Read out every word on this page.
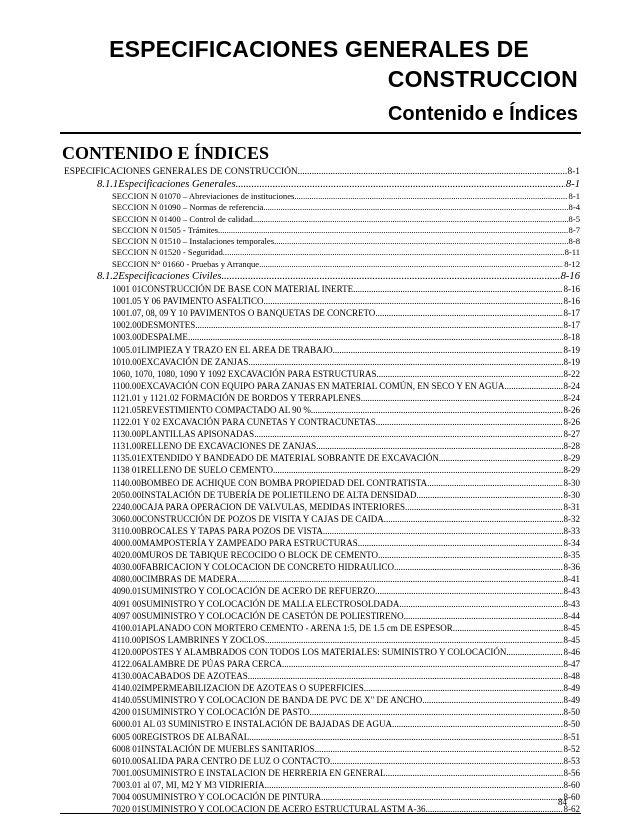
ESPECIFICACIONES GENERALES DE
CONSTRUCCION
Contenido e Índices
CONTENIDO E ÍNDICES
ESPECIFICACIONES GENERALES DE CONSTRUCCIÓN .....	8-1
8.1.1 Especificaciones Generales .....	8-1
SECCION N 01070 – Abreviaciones de instituciones .....	8-1
SECCION N 01090 – Normas de referencia .....	8-4
SECCION N 01400 – Control de calidad .....	8-5
SECCION N 01505 - Trámites .....	8-7
SECCION N 01510 – Instalaciones temporales .....	8-8
SECCION N 01520 - Seguridad .....	8-11
SECCION N° 01660 - Pruebas y Arranque .....	8-12
8.1.2 Especificaciones Civiles .....	8-16
1001 01 CONSTRUCCIÓN DE BASE CON MATERIAL INERTE .....	8-16
1001.05 Y 06 PAVIMENTO ASFALTICO .....	8-16
1001.07, 08, 09 Y 10 PAVIMENTOS O BANQUETAS DE CONCRETO .....	8-17
1002.00 DESMONTES .....	8-17
1003.00 DESPALME .....	8-18
1005.01 LIMPIEZA Y TRAZO EN EL AREA DE TRABAJO .....	8-19
1010.00 EXCAVACIÓN DE ZANJAS .....	8-19
1060, 1070, 1080, 1090 Y 1092 EXCAVACIÓN PARA ESTRUCTURAS .....	8-22
1100.00 EXCAVACIÓN CON EQUIPO PARA ZANJAS EN MATERIAL COMÚN, EN SECO Y EN AGUA. .....	8-24
1121.01 y 1121.02 FORMACIÓN DE BORDOS Y TERRAPLENES .....	8-24
1121.05 REVESTIMIENTO COMPACTADO AL 90 % .....	8-26
1122.01 Y 02 EXCAVACIÓN PARA CUNETAS Y CONTRACUNETAS .....	8-26
1130.00 PLANTILLAS APISONADAS .....	8-27
1131.00 RELLENO DE EXCAVACIONES DE ZANJAS .....	8-28
1135.01 EXTENDIDO Y BANDEADO DE MATERIAL SOBRANTE DE EXCAVACIÓN. .....	8-29
1138 01 RELLENO DE SUELO CEMENTO .....	8-29
1140.00 BOMBEO DE ACHIQUE CON BOMBA PROPIEDAD DEL CONTRATISTA .....	8-30
2050.00 INSTALACIÓN DE TUBERÍA DE POLIETILENO DE ALTA DENSIDAD. .....	8-30
2240.00 CAJA PARA OPERACION DE VALVULAS, MEDIDAS INTERIORES .....	8-31
3060.00 CONSTRUCCIÓN DE POZOS DE VISITA Y CAJAS DE CAIDA .....	8-32
3110.00 BROCALES Y TAPAS PARA POZOS DE VISTA .....	8-33
4000.00 MAMPOSTERÍA Y ZAMPEADO PARA ESTRUCTURAS .....	8-34
4020.00 MUROS DE TABIQUE RECOCIDO O BLOCK DE CEMENTO. .....	8-35
4030.00 FABRICACION Y COLOCACION DE CONCRETO HIDRAULICO .....	8-36
4080.00 CIMBRAS DE MADERA .....	8-41
4090.01 SUMINISTRO Y COLOCACIÓN DE ACERO DE REFUERZO .....	8-43
4091 00 SUMINISTRO Y COLOCACIÓN DE MALLA ELECTROSOLDADA .....	8-43
4097 00 SUMINISTRO Y COLOCACIÓN DE CASETÓN DE POLIESTIRENO .....	8-44
4100.01 APLANADO CON MORTERO CEMENTO - ARENA 1:5, DE 1.5 cm DE ESPESOR. .....	8-45
4110.00 PISOS LAMBRINES Y ZOCLOS .....	8-45
4120.00 POSTES Y ALAMBRADOS CON TODOS LOS MATERIALES: SUMINISTRO Y COLOCACIÓN .....	8-46
4122.06 ALAMBRE DE PÚAS PARA CERCA. .....	8-47
4130.00 ACABADOS DE AZOTEAS .....	8-48
4140.02 IMPERMEABILIZACION DE AZOTEAS O SUPERFICIES .....	8-49
4140.05 SUMINISTRO Y COLOCACION DE BANDA DE PVC DE X" DE ANCHO. .....	8-49
4200 01 SUMINISTRO Y COLOCACIÓN DE PASTO .....	8-50
6000.01 AL 03 SUMINISTRO E INSTALACIÓN DE BAJADAS DE AGUA .....	8-50
6005 00 REGISTROS DE ALBAÑAL. .....	8-51
6008 01 INSTALACIÓN DE MUEBLES SANITARIOS .....	8-52
6010.00 SALIDA PARA CENTRO DE LUZ O CONTACTO .....	8-53
7001.00 SUMINISTRO E INSTALACION DE HERRERIA EN GENERAL. .....	8-56
7003.01 al 07, MI, M2 Y M3 VIDRIERIA .....	8-60
7004 00 SUMINISTRO Y COLOCACIÓN DE PINTURA .....	8-60
7020 01 SUMINISTRO Y COLOCACION DE ACERO ESTRUCTURAL ASTM A-36. .....	8-62
84
